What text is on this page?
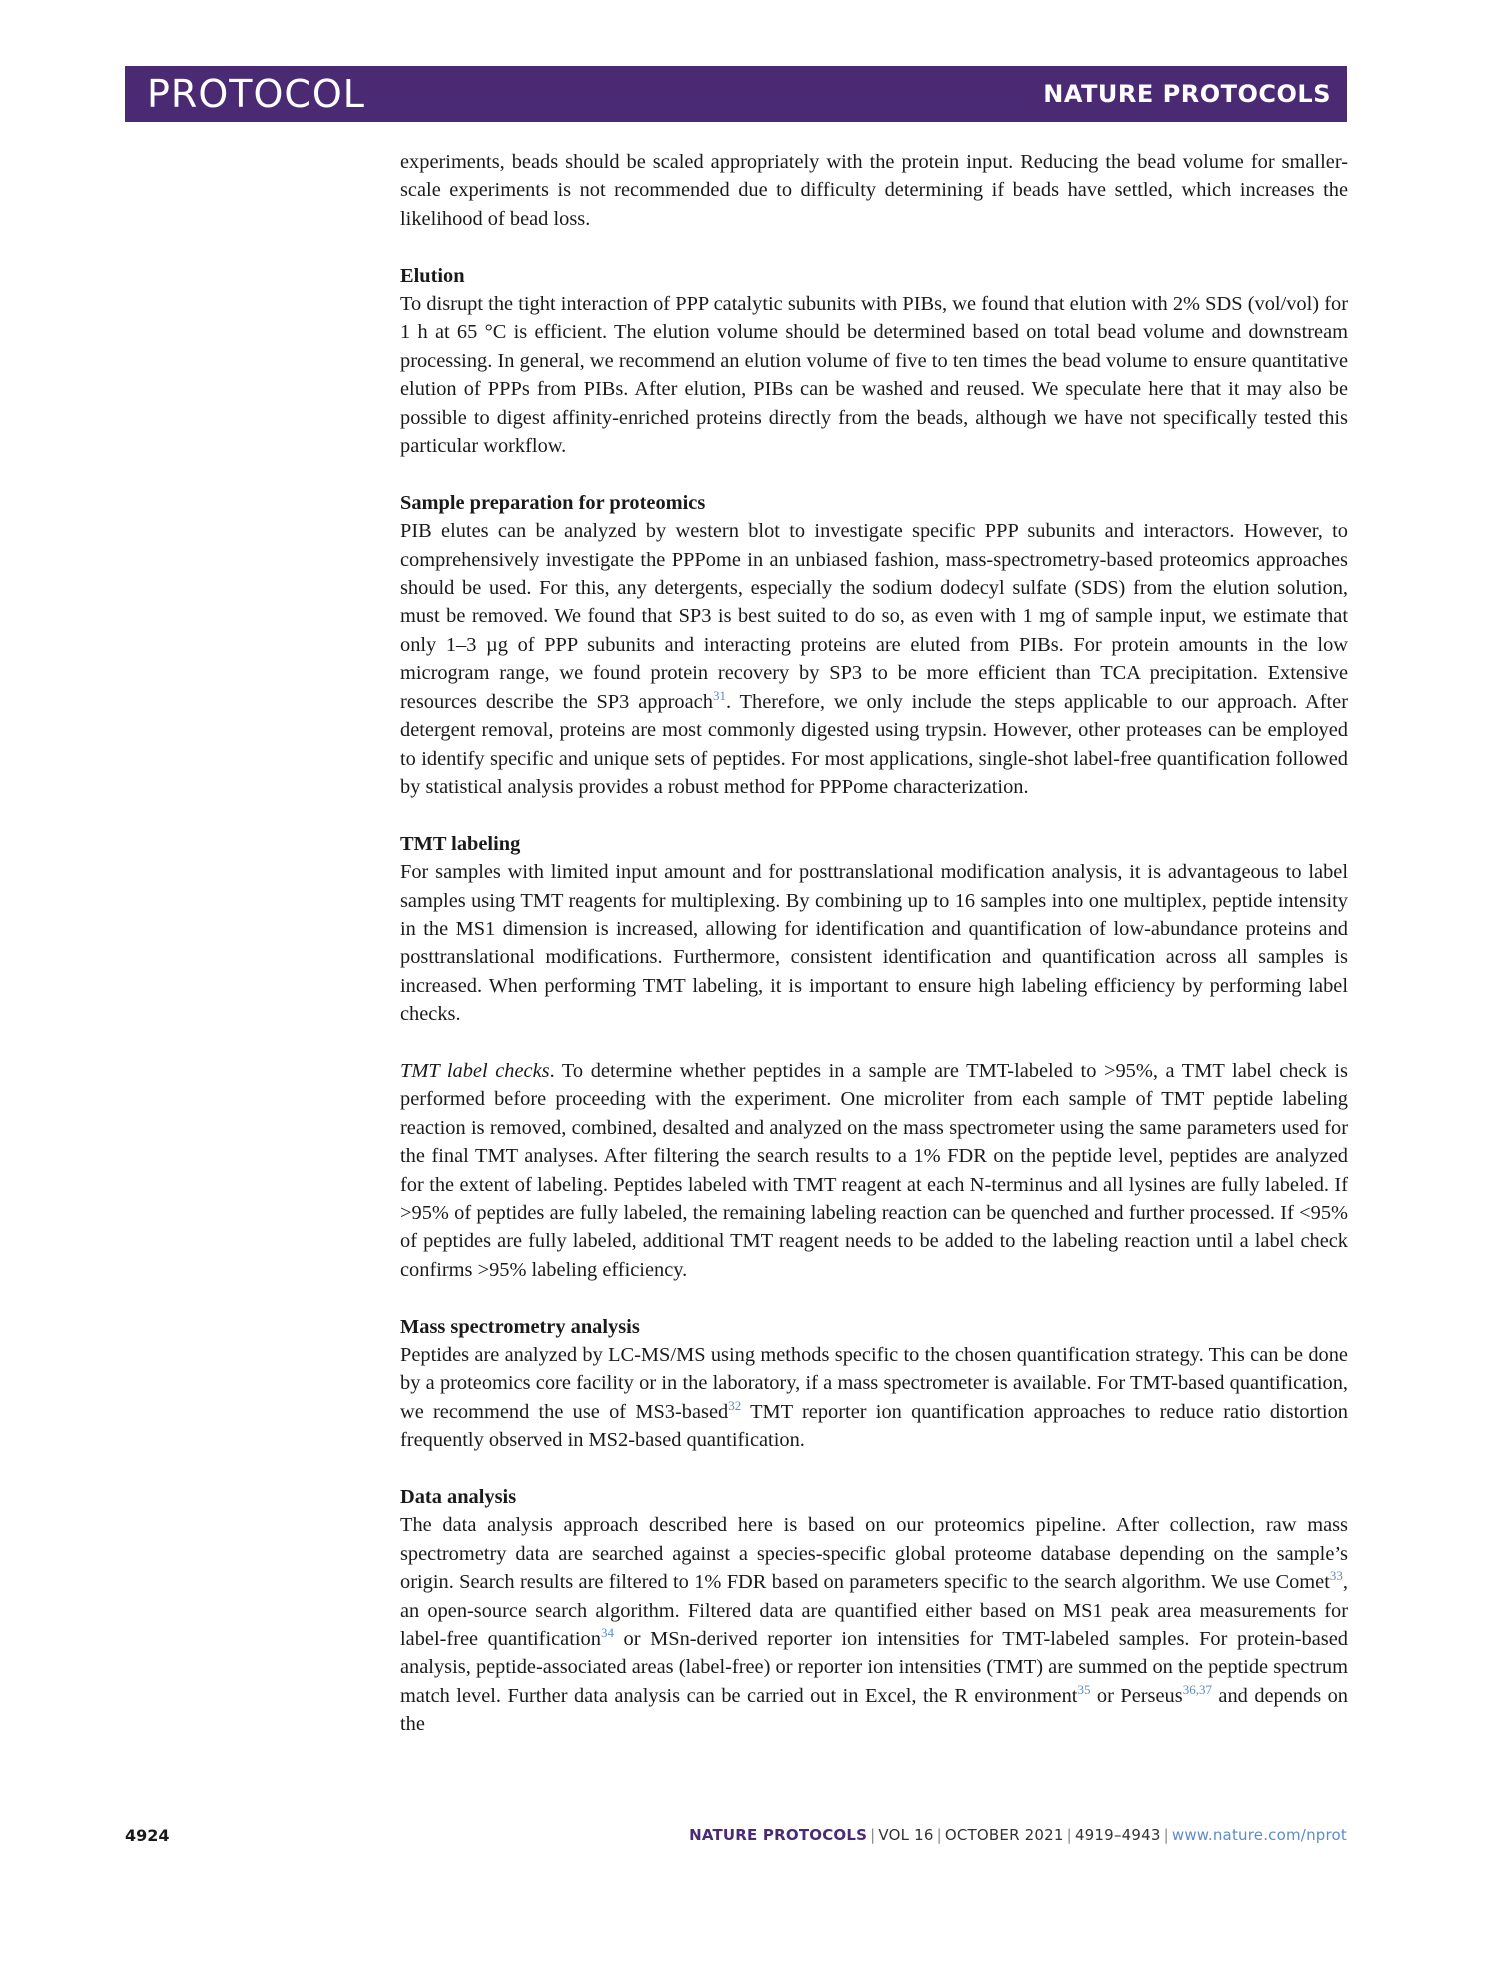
PROTOCOL	NATURE PROTOCOLS

experiments, beads should be scaled appropriately with the protein input. Reducing the bead volume for smaller-scale experiments is not recommended due to difficulty determining if beads have settled, which increases the likelihood of bead loss.

Elution

To disrupt the tight interaction of PPP catalytic subunits with PIBs, we found that elution with 2% SDS (vol/vol) for 1 h at 65 °C is efficient. The elution volume should be determined based on total bead volume and downstream processing. In general, we recommend an elution volume of five to ten times the bead volume to ensure quantitative elution of PPPs from PIBs. After elution, PIBs can be washed and reused. We speculate here that it may also be possible to digest affinity-enriched proteins directly from the beads, although we have not specifically tested this particular workflow.

Sample preparation for proteomics

PIB elutes can be analyzed by western blot to investigate specific PPP subunits and interactors. However, to comprehensively investigate the PPPome in an unbiased fashion, mass-spectrometry-based proteomics approaches should be used. For this, any detergents, especially the sodium dodecyl sulfate (SDS) from the elution solution, must be removed. We found that SP3 is best suited to do so, as even with 1 mg of sample input, we estimate that only 1–3 µg of PPP subunits and interacting proteins are eluted from PIBs. For protein amounts in the low microgram range, we found protein recovery by SP3 to be more efficient than TCA precipitation. Extensive resources describe the SP3 approach$^{31}$. Therefore, we only include the steps applicable to our approach. After detergent removal, proteins are most commonly digested using trypsin. However, other proteases can be employed to identify specific and unique sets of peptides. For most applications, single-shot label-free quantification followed by statistical analysis provides a robust method for PPPome characterization.

TMT labeling

For samples with limited input amount and for posttranslational modification analysis, it is advantageous to label samples using TMT reagents for multiplexing. By combining up to 16 samples into one multiplex, peptide intensity in the MS1 dimension is increased, allowing for identification and quantification of low-abundance proteins and posttranslational modifications. Furthermore, consistent identification and quantification across all samples is increased. When performing TMT labeling, it is important to ensure high labeling efficiency by performing label checks.

TMT label checks. To determine whether peptides in a sample are TMT-labeled to >95%, a TMT label check is performed before proceeding with the experiment. One microliter from each sample of TMT peptide labeling reaction is removed, combined, desalted and analyzed on the mass spectrometer using the same parameters used for the final TMT analyses. After filtering the search results to a 1% FDR on the peptide level, peptides are analyzed for the extent of labeling. Peptides labeled with TMT reagent at each N-terminus and all lysines are fully labeled. If >95% of peptides are fully labeled, the remaining labeling reaction can be quenched and further processed. If <95% of peptides are fully labeled, additional TMT reagent needs to be added to the labeling reaction until a label check confirms >95% labeling efficiency.

Mass spectrometry analysis

Peptides are analyzed by LC-MS/MS using methods specific to the chosen quantification strategy. This can be done by a proteomics core facility or in the laboratory, if a mass spectrometer is available. For TMT-based quantification, we recommend the use of MS3-based$^{32}$ TMT reporter ion quantification approaches to reduce ratio distortion frequently observed in MS2-based quantification.

Data analysis

The data analysis approach described here is based on our proteomics pipeline. After collection, raw mass spectrometry data are searched against a species-specific global proteome database depending on the sample’s origin. Search results are filtered to 1% FDR based on parameters specific to the search algorithm. We use Comet$^{33}$, an open-source search algorithm. Filtered data are quantified either based on MS1 peak area measurements for label-free quantification$^{34}$ or MSn-derived reporter ion intensities for TMT-labeled samples. For protein-based analysis, peptide-associated areas (label-free) or reporter ion intensities (TMT) are summed on the peptide spectrum match level. Further data analysis can be carried out in Excel, the R environment$^{35}$ or Perseus$^{36,37}$ and depends on the

4924	NATURE PROTOCOLS | VOL 16 | OCTOBER 2021 | 4919–4943 | www.nature.com/nprot
